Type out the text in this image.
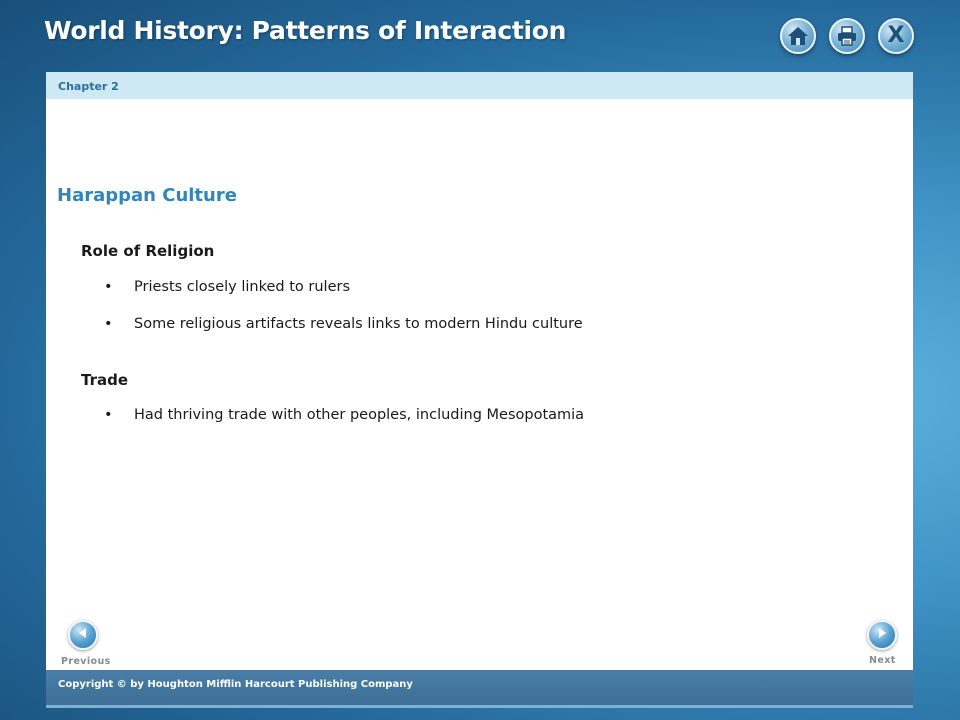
World History: Patterns of Interaction	X
Chapter 2
Harappan Culture
Role of Religion
• Priests closely linked to rulers
• Some religious artifacts reveals links to modern Hindu culture
Trade
• Had thriving trade with other peoples, including Mesopotamia
Previous	Next
Copyright © by Houghton Mifflin Harcourt Publishing Company
